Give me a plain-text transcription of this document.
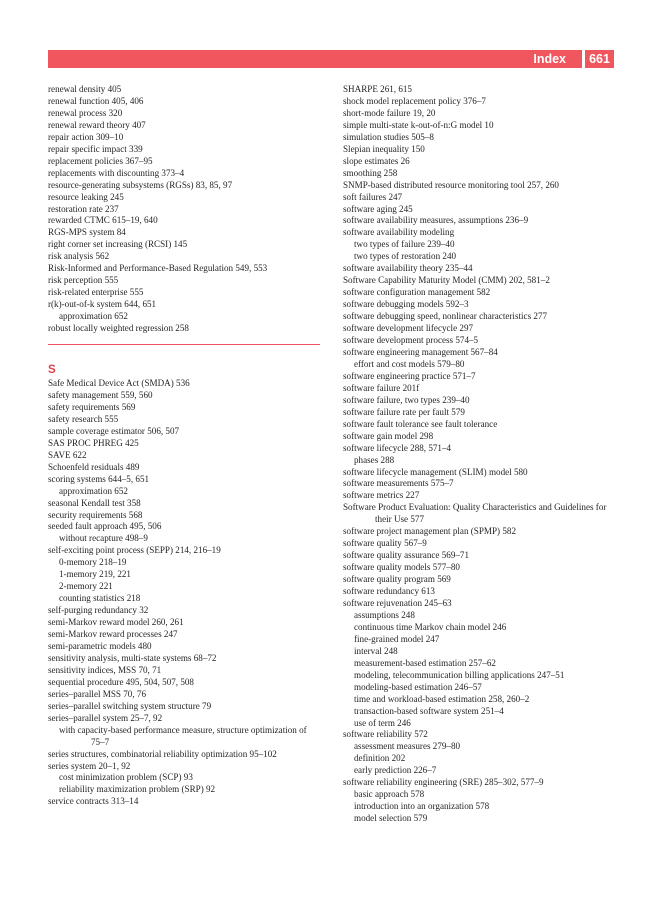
Index	661
renewal density 405
renewal function 405, 406
renewal process 320
renewal reward theory 407
repair action 309–10
repair specific impact 339
replacement policies 367–95
replacements with discounting 373–4
resource-generating subsystems (RGSs) 83, 85, 97
resource leaking 245
restoration rate 237
rewarded CTMC 615–19, 640
RGS-MPS system 84
right corner set increasing (RCSI) 145
risk analysis 562
Risk-Informed and Performance-Based Regulation 549, 553
risk perception 555
risk-related enterprise 555
r(k)-out-of-k system 644, 651
approximation 652
robust locally weighted regression 258
S
Safe Medical Device Act (SMDA) 536
safety management 559, 560
safety requirements 569
safety research 555
sample coverage estimator 506, 507
SAS PROC PHREG 425
SAVE 622
Schoenfeld residuals 489
scoring systems 644–5, 651
approximation 652
seasonal Kendall test 358
security requirements 568
seeded fault approach 495, 506
without recapture 498–9
self-exciting point process (SEPP) 214, 216–19
0-memory 218–19
1-memory 219, 221
2-memory 221
counting statistics 218
self-purging redundancy 32
semi-Markov reward model 260, 261
semi-Markov reward processes 247
semi-parametric models 480
sensitivity analysis, multi-state systems 68–72
sensitivity indices, MSS 70, 71
sequential procedure 495, 504, 507, 508
series–parallel MSS 70, 76
series–parallel switching system structure 79
series–parallel system 25–7, 92
with capacity-based performance measure, structure optimization of 75–7
series structures, combinatorial reliability optimization 95–102
series system 20–1, 92
cost minimization problem (SCP) 93
reliability maximization problem (SRP) 92
service contracts 313–14
SHARPE 261, 615
shock model replacement policy 376–7
short-mode failure 19, 20
simple multi-state k-out-of-n:G model 10
simulation studies 505–8
Slepian inequality 150
slope estimates 26
smoothing 258
SNMP-based distributed resource monitoring tool 257, 260
soft failures 247
software aging 245
software availability measures, assumptions 236–9
software availability modeling
two types of failure 239–40
two types of restoration 240
software availability theory 235–44
Software Capability Maturity Model (CMM) 202, 581–2
software configuration management 582
software debugging models 592–3
software debugging speed, nonlinear characteristics 277
software development lifecycle 297
software development process 574–5
software engineering management 567–84
effort and cost models 579–80
software engineering practice 571–7
software failure 201f
software failure, two types 239–40
software failure rate per fault 579
software fault tolerance see fault tolerance
software gain model 298
software lifecycle 288, 571–4
phases 288
software lifecycle management (SLIM) model 580
software measurements 575–7
software metrics 227
Software Product Evaluation: Quality Characteristics and Guidelines for their Use 577
software project management plan (SPMP) 582
software quality 567–9
software quality assurance 569–71
software quality models 577–80
software quality program 569
software redundancy 613
software rejuvenation 245–63
assumptions 248
continuous time Markov chain model 246
fine-grained model 247
interval 248
measurement-based estimation 257–62
modeling, telecommunication billing applications 247–51
modeling-based estimation 246–57
time and workload-based estimation 258, 260–2
transaction-based software system 251–4
use of term 246
software reliability 572
assessment measures 279–80
definition 202
early prediction 226–7
software reliability engineering (SRE) 285–302, 577–9
basic approach 578
introduction into an organization 578
model selection 579
